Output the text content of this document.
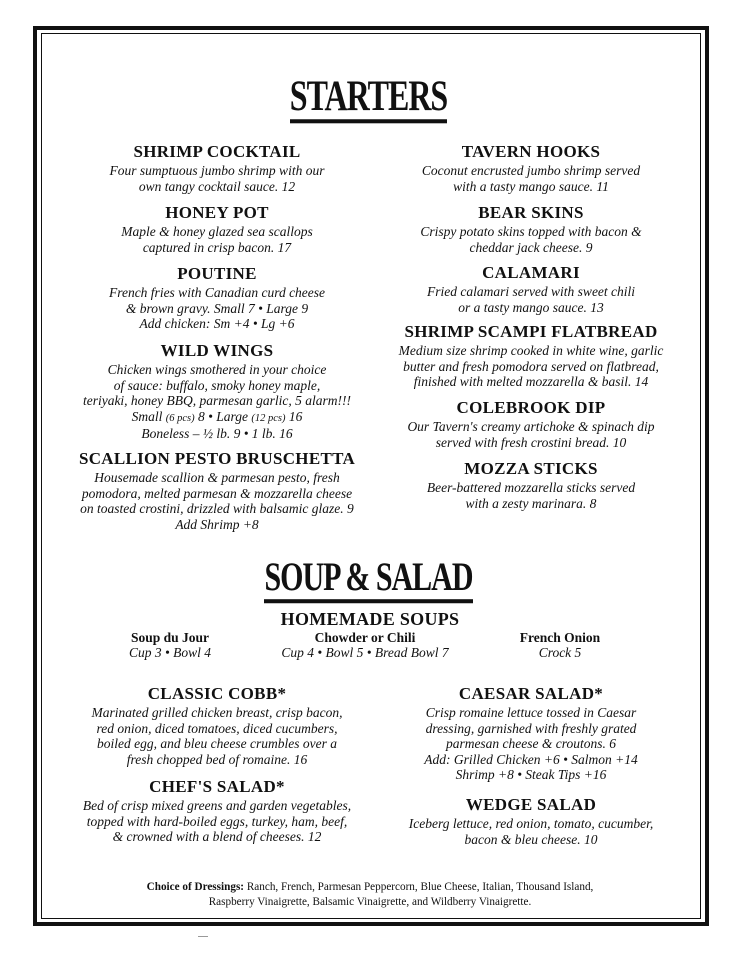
STARTERS

SHRIMP COCKTAIL

Four sumptuous jumbo shrimp with our
own tangy cocktail sauce. 12

HONEY POT

Maple & honey glazed sea scallops
captured in crisp bacon. 17

POUTINE

French fries with Canadian curd cheese
& brown gravy. Small 7 • Large 9
Add chicken: Sm +4 • Lg +6

WILD WINGS

Chicken wings smothered in your choice
of sauce: buffalo, smoky honey maple,
teriyaki, honey BBQ, parmesan garlic, 5 alarm!!!
Small (6 pcs) 8 • Large (12 pcs) 16
Boneless – ½ lb. 9 • 1 lb. 16

SCALLION PESTO BRUSCHETTA

Housemade scallion & parmesan pesto, fresh
pomodora, melted parmesan & mozzarella cheese
on toasted crostini, drizzled with balsamic glaze. 9
Add Shrimp +8

TAVERN HOOKS

Coconut encrusted jumbo shrimp served
with a tasty mango sauce. 11

BEAR SKINS

Crispy potato skins topped with bacon &
cheddar jack cheese. 9

CALAMARI

Fried calamari served with sweet chili
or a tasty mango sauce. 13

SHRIMP SCAMPI FLATBREAD

Medium size shrimp cooked in white wine, garlic
butter and fresh pomodora served on flatbread,
finished with melted mozzarella & basil. 14

COLEBROOK DIP

Our Tavern's creamy artichoke & spinach dip
served with fresh crostini bread. 10

MOZZA STICKS

Beer-battered mozzarella sticks served
with a zesty marinara. 8
SOUP & SALAD

HOMEMADE SOUPS

Soup du Jour
Cup 3 • Bowl 4
Chowder or Chili
Cup 4 • Bowl 5 • Bread Bowl 7
French Onion
Crock 5

CLASSIC COBB*

Marinated grilled chicken breast, crisp bacon,
red onion, diced tomatoes, diced cucumbers,
boiled egg, and bleu cheese crumbles over a
fresh chopped bed of romaine. 16

CHEF'S SALAD*

Bed of crisp mixed greens and garden vegetables,
topped with hard-boiled eggs, turkey, ham, beef,
& crowned with a blend of cheeses. 12

CAESAR SALAD*

Crisp romaine lettuce tossed in Caesar
dressing, garnished with freshly grated
parmesan cheese & croutons. 6
Add: Grilled Chicken +6 • Salmon +14
Shrimp +8 • Steak Tips +16

WEDGE SALAD

Iceberg lettuce, red onion, tomato, cucumber,
bacon & bleu cheese. 10
Choice of Dressings: Ranch, French, Parmesan Peppercorn, Blue Cheese, Italian, Thousand Island,
Raspberry Vinaigrette, Balsamic Vinaigrette, and Wildberry Vinaigrette.
